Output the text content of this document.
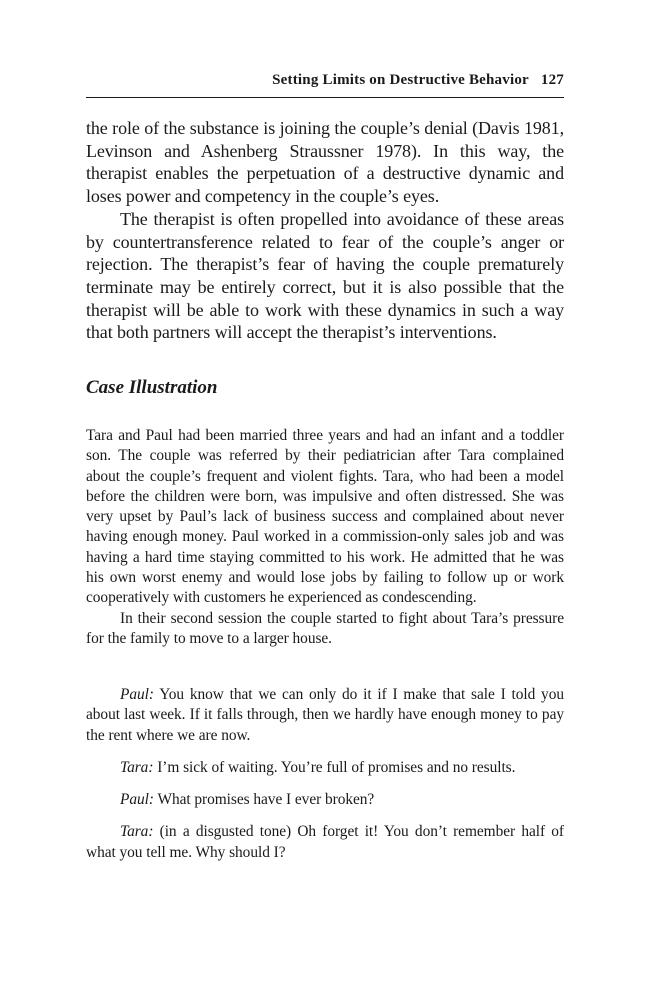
Setting Limits on Destructive Behavior 127

the role of the substance is joining the couple’s denial (Davis 1981, Levinson and Ashenberg Straussner 1978). In this way, the therapist enables the perpetuation of a destructive dynamic and loses power and competency in the couple’s eyes.

The therapist is often propelled into avoidance of these areas by countertransference related to fear of the couple’s anger or rejection. The therapist’s fear of having the couple prematurely terminate may be entirely correct, but it is also possible that the therapist will be able to work with these dynamics in such a way that both partners will accept the therapist’s interventions.

Case Illustration

Tara and Paul had been married three years and had an infant and a toddler son. The couple was referred by their pediatrician after Tara complained about the couple’s frequent and violent fights. Tara, who had been a model before the children were born, was impulsive and often distressed. She was very upset by Paul’s lack of business success and complained about never having enough money. Paul worked in a commission-only sales job and was having a hard time staying committed to his work. He admitted that he was his own worst enemy and would lose jobs by failing to follow up or work cooperatively with customers he experienced as condescending.

In their second session the couple started to fight about Tara’s pressure for the family to move to a larger house.

Paul: You know that we can only do it if I make that sale I told you about last week. If it falls through, then we hardly have enough money to pay the rent where we are now.

Tara: I’m sick of waiting. You’re full of promises and no results.

Paul: What promises have I ever broken?

Tara: (in a disgusted tone) Oh forget it! You don’t remember half of what you tell me. Why should I?
